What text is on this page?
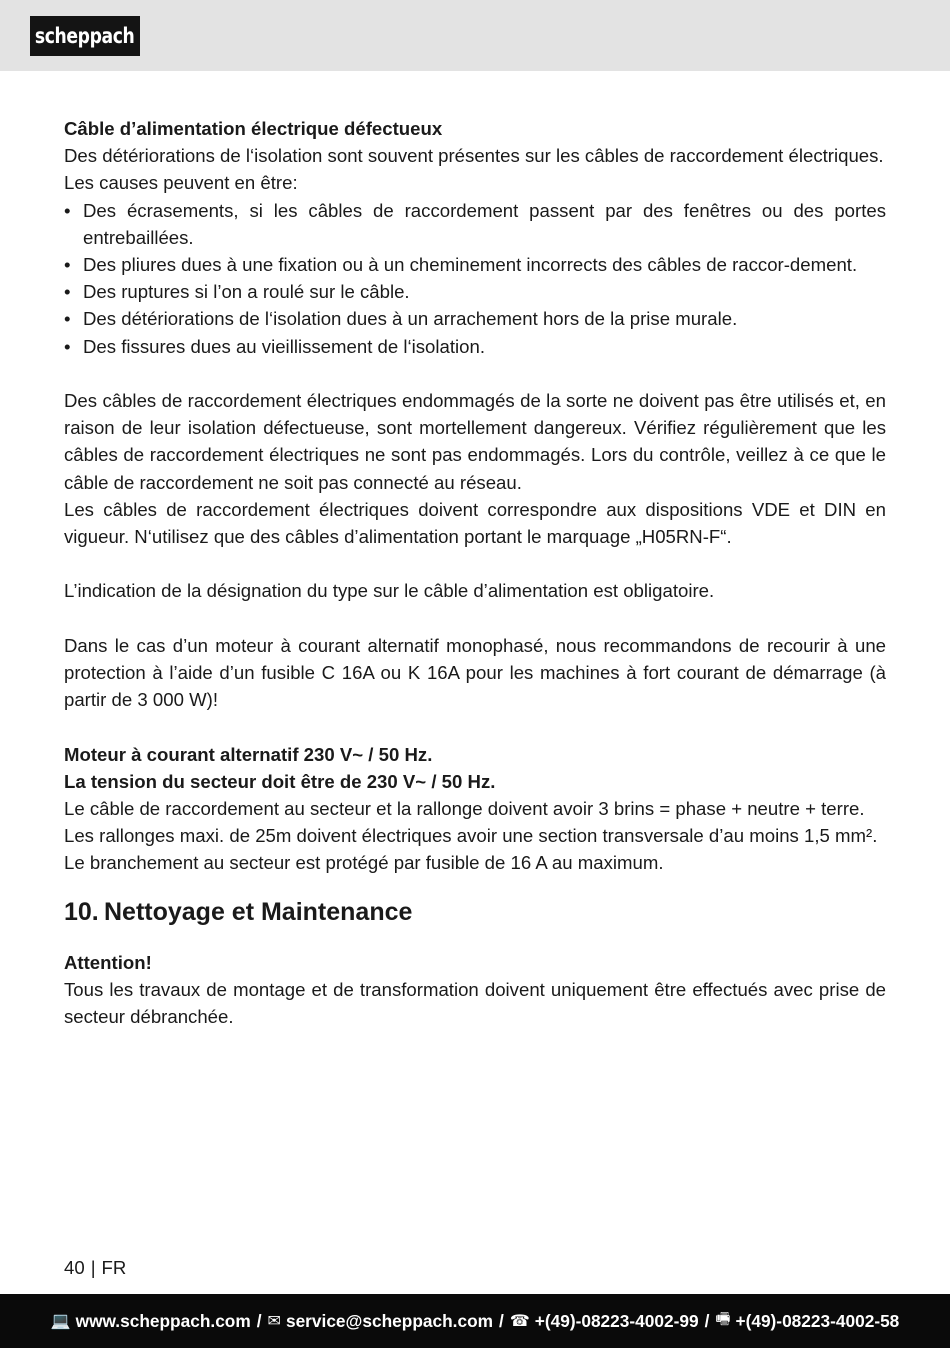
scheppach

Câble d’alimentation électrique défectueux

Des détériorations de l‘isolation sont souvent présentes sur les câbles de raccordement électriques.

Les causes peuvent en être:

• Des écrasements, si les câbles de raccordement passent par des fenêtres ou des portes entrebaillées.
• Des pliures dues à une fixation ou à un cheminement incorrects des câbles de raccor-dement.
• Des ruptures si l’on a roulé sur le câble.
• Des détériorations de l‘isolation dues à un arrachement hors de la prise murale.
• Des fissures dues au vieillissement de l‘isolation.

Des câbles de raccordement électriques endommagés de la sorte ne doivent pas être utilisés et, en raison de leur isolation défectueuse, sont mortellement dangereux. Vérifiez régulièrement que les câbles de raccordement électriques ne sont pas endommagés. Lors du contrôle, veillez à ce que le câble de raccordement ne soit pas connecté au réseau.

Les câbles de raccordement électriques doivent correspondre aux dispositions VDE et DIN en vigueur. N‘utilisez que des câbles d’alimentation portant le marquage „H05RN-F“.

L’indication de la désignation du type sur le câble d’alimentation est obligatoire.

Dans le cas d’un moteur à courant alternatif monophasé, nous recommandons de recourir à une protection à l’aide d’un fusible C 16A ou K 16A pour les machines à fort courant de démarrage (à partir de 3 000 W)!

Moteur à courant alternatif 230 V~ / 50 Hz.

La tension du secteur doit être de 230 V~ / 50 Hz.

Le câble de raccordement au secteur et la rallonge doivent avoir 3 brins = phase + neutre + terre.

Les rallonges maxi. de 25m doivent électriques avoir une section transversale d’au moins 1,5 mm².

Le branchement au secteur est protégé par fusible de 16 A au maximum.

10. Nettoyage et Maintenance

Attention!

Tous les travaux de montage et de transformation doivent uniquement être effectués avec prise de secteur débranchée.

40 | FR
💻 www.scheppach.com / ✉ service@scheppach.com / ☎ +(49)-08223-4002-99 / 🖷 +(49)-08223-4002-58
